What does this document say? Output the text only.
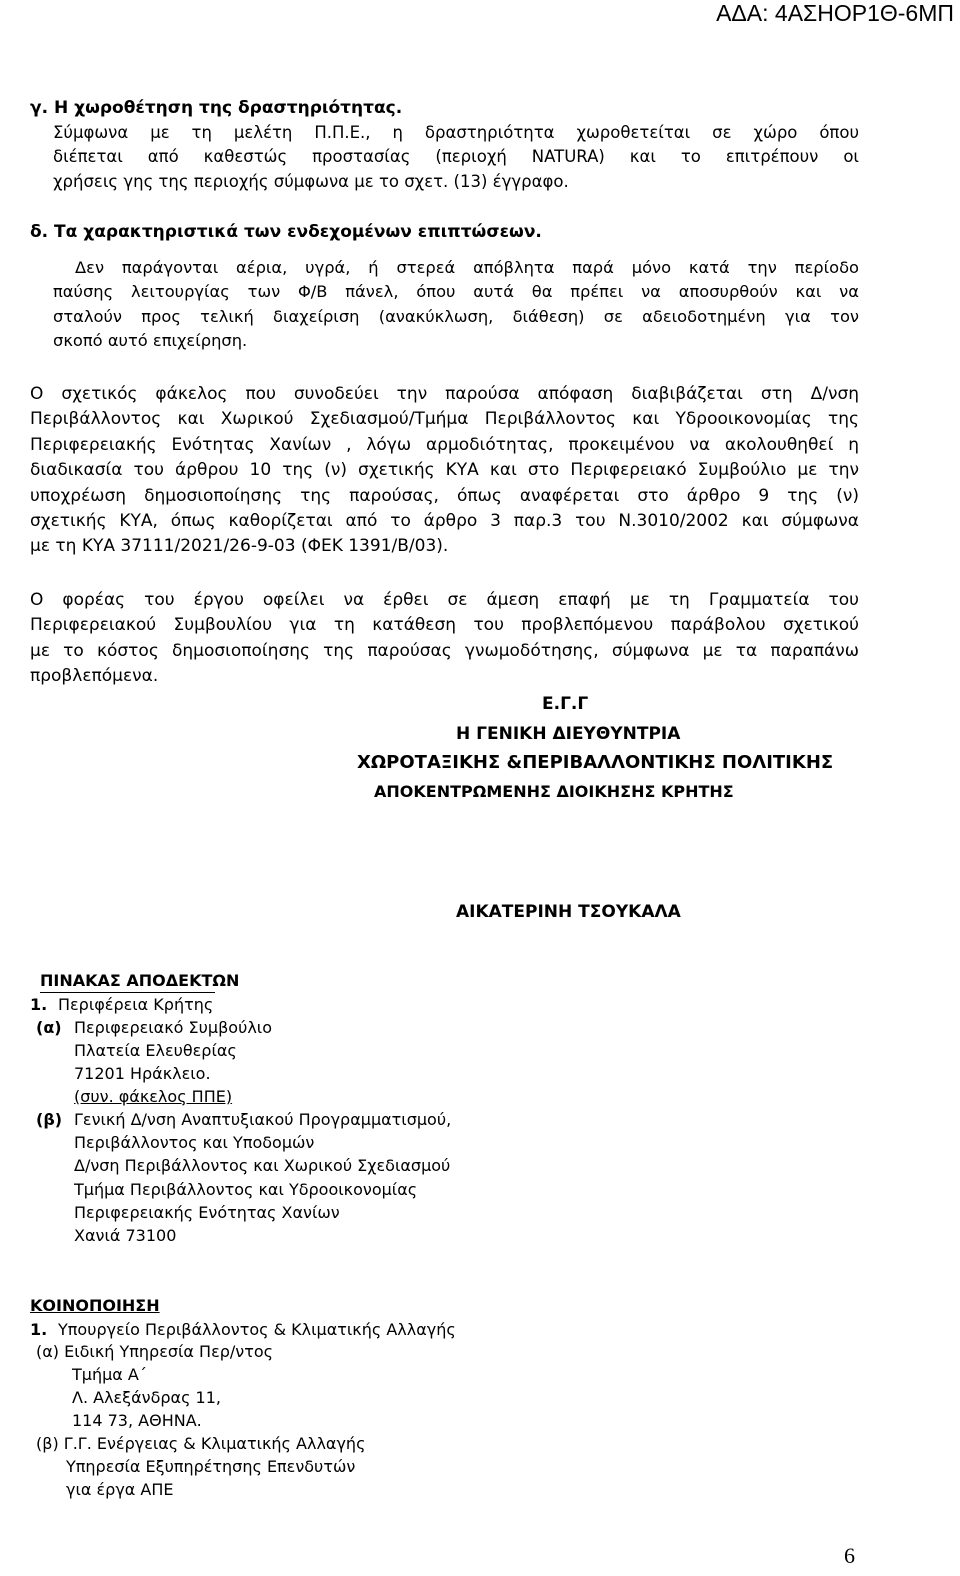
ΑΔΑ: 4ΑΣΗΟΡ1Θ-6ΜΠ
γ. Η χωροθέτηση της δραστηριότητας.
Σύμφωνα με τη μελέτη Π.Π.Ε., η δραστηριότητα χωροθετείται σε χώρο όπου
διέπεται από καθεστώς προστασίας (περιοχή NATURA) και το επιτρέπουν οι
χρήσεις γης της περιοχής σύμφωνα με το σχετ. (13) έγγραφο.
δ. Τα χαρακτηριστικά των ενδεχομένων επιπτώσεων.
Δεν παράγονται αέρια, υγρά, ή στερεά απόβλητα παρά μόνο κατά την περίοδο
παύσης λειτουργίας των Φ/Β πάνελ, όπου αυτά θα πρέπει να αποσυρθούν και να
σταλούν προς τελική διαχείριση (ανακύκλωση, διάθεση) σε αδειοδοτημένη για τον
σκοπό αυτό επιχείρηση.
Ο σχετικός φάκελος που συνοδεύει την παρούσα απόφαση διαβιβάζεται στη Δ/νση
Περιβάλλοντος και Χωρικού Σχεδιασμού/Τμήμα Περιβάλλοντος και Υδροοικονομίας της
Περιφερειακής Ενότητας Χανίων , λόγω αρμοδιότητας, προκειμένου να ακολουθηθεί η
διαδικασία του άρθρου 10 της (ν) σχετικής ΚΥΑ και στο Περιφερειακό Συμβούλιο με την
υποχρέωση δημοσιοποίησης της παρούσας, όπως αναφέρεται στο άρθρο 9 της (ν)
σχετικής ΚΥΑ, όπως καθορίζεται από το άρθρο 3 παρ.3 του Ν.3010/2002 και σύμφωνα
με τη ΚΥΑ 37111/2021/26-9-03 (ΦΕΚ 1391/Β/03).
Ο φορέας του έργου οφείλει να έρθει σε άμεση επαφή με τη Γραμματεία του
Περιφερειακού Συμβουλίου για τη κατάθεση του προβλεπόμενου παράβολου σχετικού
με το κόστος δημοσιοποίησης της παρούσας γνωμοδότησης, σύμφωνα με τα παραπάνω
προβλεπόμενα.
Ε.Γ.Γ
Η ΓΕΝΙΚΗ ΔΙΕΥΘΥΝΤΡΙΑ
ΧΩΡΟΤΑΞΙΚΗΣ &ΠΕΡΙΒΑΛΛΟΝΤΙΚΗΣ ΠΟΛΙΤΙΚΗΣ
ΑΠΟΚΕΝΤΡΩΜΕΝΗΣ ΔΙΟΙΚΗΣΗΣ ΚΡΗΤΗΣ
ΑΙΚΑΤΕΡΙΝΗ ΤΣΟΥΚΑΛΑ
ΠΙΝΑΚΑΣ ΑΠΟΔΕΚΤΩΝ
1. Περιφέρεια Κρήτης
(α) Περιφερειακό Συμβούλιο
Πλατεία Ελευθερίας
71201 Ηράκλειο.
(συν. φάκελος ΠΠΕ)
(β) Γενική Δ/νση Αναπτυξιακού Προγραμματισμού,
Περιβάλλοντος και Υποδομών
Δ/νση Περιβάλλοντος και Χωρικού Σχεδιασμού
Τμήμα Περιβάλλοντος και Υδροοικονομίας
Περιφερειακής Ενότητας Χανίων
Χανιά 73100
ΚΟΙΝΟΠΟΙΗΣΗ
1. Υπουργείο Περιβάλλοντος & Κλιματικής Αλλαγής
(α) Ειδική Υπηρεσία Περ/ντος
Τμήμα Α΄
Λ. Αλεξάνδρας 11,
114 73, ΑΘΗΝΑ.
(β) Γ.Γ. Ενέργειας & Κλιματικής Αλλαγής
Υπηρεσία Εξυπηρέτησης Επενδυτών
για έργα ΑΠΕ
6
